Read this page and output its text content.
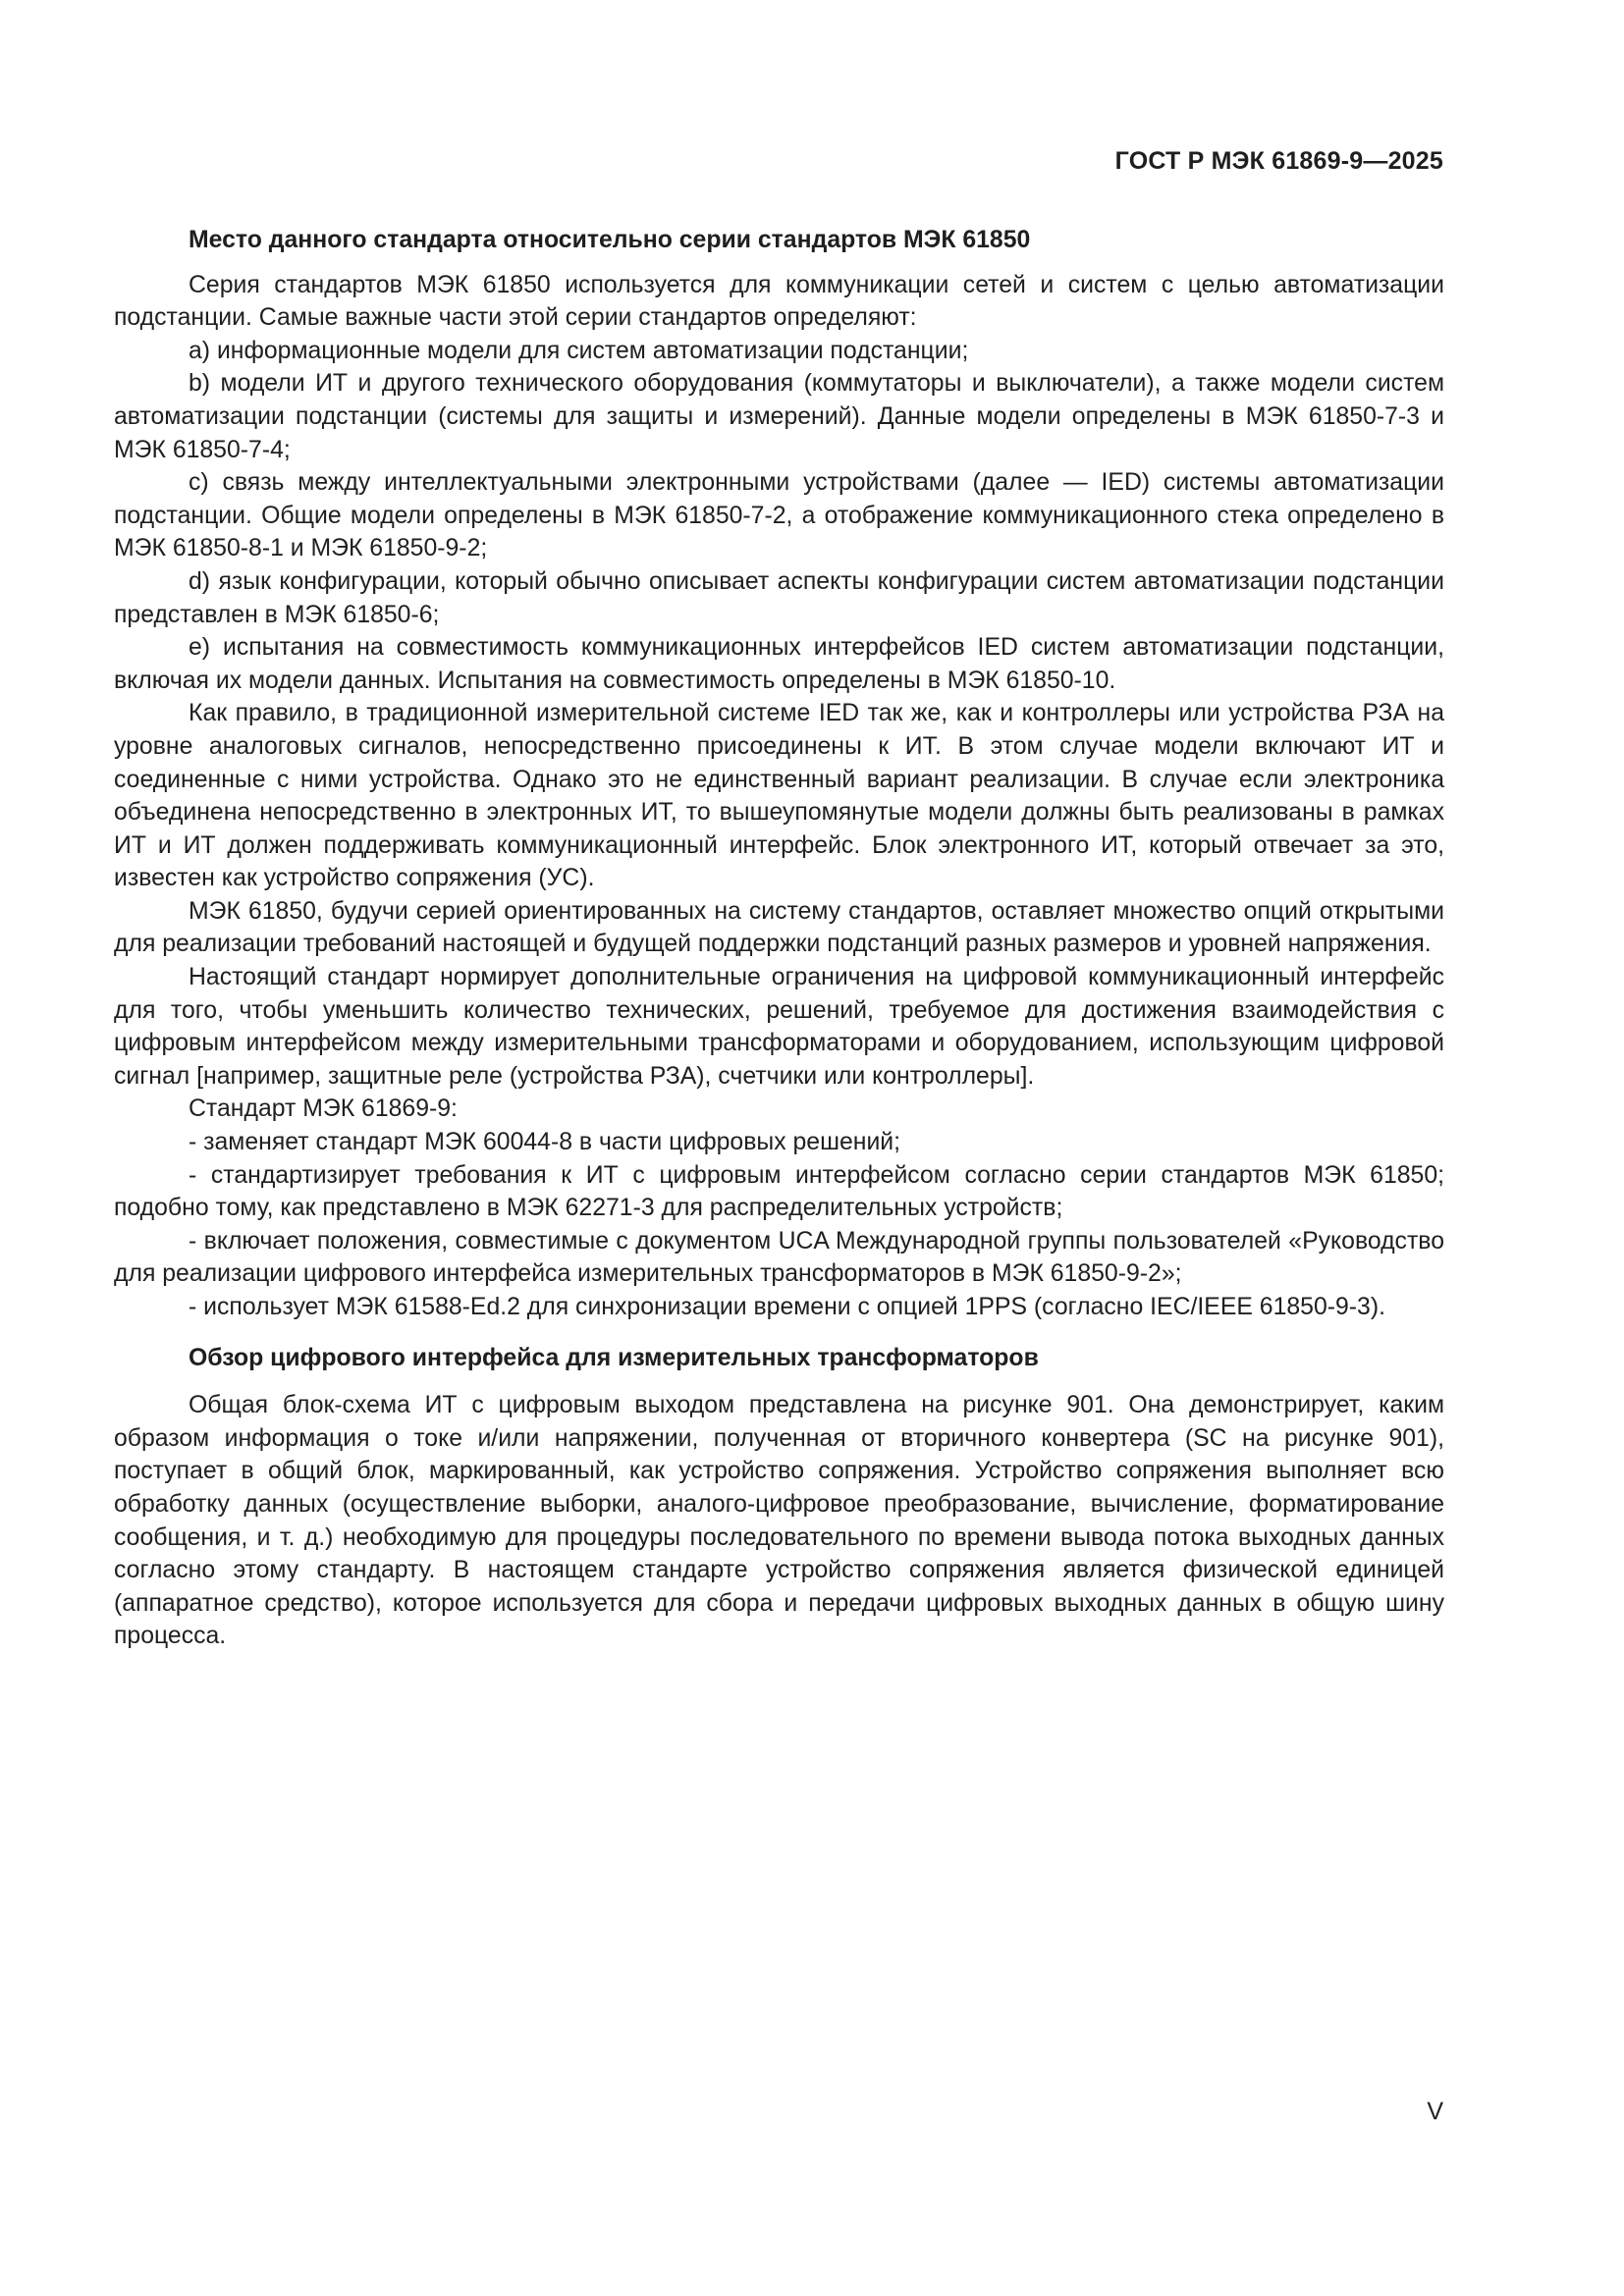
ГОСТ Р МЭК 61869-9—2025
Место данного стандарта относительно серии стандартов МЭК 61850

Серия стандартов МЭК 61850 используется для коммуникации сетей и систем с целью автоматизации подстанции. Самые важные части этой серии стандартов определяют:

a) информационные модели для систем автоматизации подстанции;

b) модели ИТ и другого технического оборудования (коммутаторы и выключатели), а также модели систем автоматизации подстанции (системы для защиты и измерений). Данные модели определены в МЭК 61850-7-3 и МЭК 61850-7-4;

c) связь между интеллектуальными электронными устройствами (далее — IED) системы автоматизации подстанции. Общие модели определены в МЭК 61850-7-2, а отображение коммуникационного стека определено в МЭК 61850-8-1 и МЭК 61850-9-2;

d) язык конфигурации, который обычно описывает аспекты конфигурации систем автоматизации подстанции представлен в МЭК 61850-6;

e) испытания на совместимость коммуникационных интерфейсов IED систем автоматизации подстанции, включая их модели данных. Испытания на совместимость определены в МЭК 61850-10.

Как правило, в традиционной измерительной системе IED так же, как и контроллеры или устройства РЗА на уровне аналоговых сигналов, непосредственно присоединены к ИТ. В этом случае модели включают ИТ и соединенные с ними устройства. Однако это не единственный вариант реализации. В случае если электроника объединена непосредственно в электронных ИТ, то вышеупомянутые модели должны быть реализованы в рамках ИТ и ИТ должен поддерживать коммуникационный интерфейс. Блок электронного ИТ, который отвечает за это, известен как устройство сопряжения (УС).

МЭК 61850, будучи серией ориентированных на систему стандартов, оставляет множество опций открытыми для реализации требований настоящей и будущей поддержки подстанций разных размеров и уровней напряжения.

Настоящий стандарт нормирует дополнительные ограничения на цифровой коммуникационный интерфейс для того, чтобы уменьшить количество технических, решений, требуемое для достижения взаимодействия с цифровым интерфейсом между измерительными трансформаторами и оборудованием, использующим цифровой сигнал [например, защитные реле (устройства РЗА), счетчики или контроллеры].

Стандарт МЭК 61869-9:

- заменяет стандарт МЭК 60044-8 в части цифровых решений;

- стандартизирует требования к ИТ с цифровым интерфейсом согласно серии стандартов МЭК 61850; подобно тому, как представлено в МЭК 62271-3 для распределительных устройств;

- включает положения, совместимые с документом UCA Международной группы пользователей «Руководство для реализации цифрового интерфейса измерительных трансформаторов в МЭК 61850-9-2»;

- использует МЭК 61588-Ed.2 для синхронизации времени с опцией 1PPS (согласно IEC/IEEE 61850-9-3).

Обзор цифрового интерфейса для измерительных трансформаторов

Общая блок-схема ИТ с цифровым выходом представлена на рисунке 901. Она демонстрирует, каким образом информация о токе и/или напряжении, полученная от вторичного конвертера (SC на рисунке 901), поступает в общий блок, маркированный, как устройство сопряжения. Устройство сопряжения выполняет всю обработку данных (осуществление выборки, аналого-цифровое преобразование, вычисление, форматирование сообщения, и т. д.) необходимую для процедуры последовательного по времени вывода потока выходных данных согласно этому стандарту. В настоящем стандарте устройство сопряжения является физической единицей (аппаратное средство), которое используется для сбора и передачи цифровых выходных данных в общую шину процесса.

V
